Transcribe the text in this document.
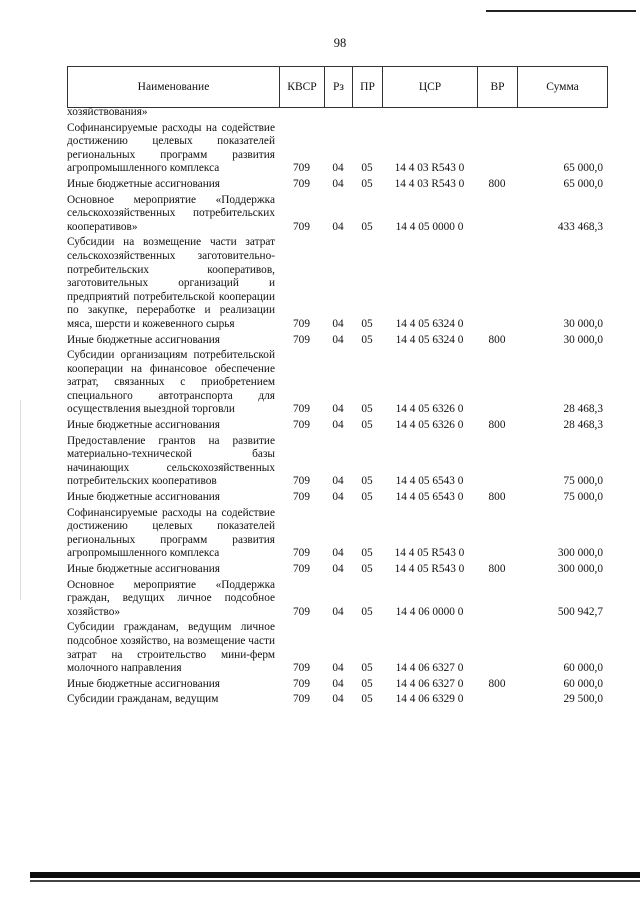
98
Наименование	КВСР	Рз	ПР	ЦСР	ВР	Сумма
хозяйствования»						

Софинансируемые расходы на содействие достижению целевых показателей региональных программ развития агропромышленного комплекса	709	04	05	14 4 03 R543 0		65 000,0

Иные бюджетные ассигнования	709	04	05	14 4 03 R543 0	800	65 000,0

Основное мероприятие «Поддержка сельскохозяйственных потребительских кооперативов»	709	04	05	14 4 05 0000 0		433 468,3

Субсидии на возмещение части затрат сельскохозяйственных заготовительно-потребительских кооперативов, заготовительных организаций и предприятий потребительской кооперации по закупке, переработке и реализации мяса, шерсти и кожевенного сырья	709	04	05	14 4 05 6324 0		30 000,0

Иные бюджетные ассигнования	709	04	05	14 4 05 6324 0	800	30 000,0

Субсидии организациям потребительской кооперации на финансовое обеспечение затрат, связанных с приобретением специального автотранспорта для осуществления выездной торговли	709	04	05	14 4 05 6326 0		28 468,3

Иные бюджетные ассигнования	709	04	05	14 4 05 6326 0	800	28 468,3

Предоставление грантов на развитие материально-технической базы начинающих сельскохозяйственных потребительских кооперативов	709	04	05	14 4 05 6543 0		75 000,0

Иные бюджетные ассигнования	709	04	05	14 4 05 6543 0	800	75 000,0

Софинансируемые расходы на содействие достижению целевых показателей региональных программ развития агропромышленного комплекса	709	04	05	14 4 05 R543 0		300 000,0

Иные бюджетные ассигнования	709	04	05	14 4 05 R543 0	800	300 000,0

Основное мероприятие «Поддержка граждан, ведущих личное подсобное хозяйство»	709	04	05	14 4 06 0000 0		500 942,7

Субсидии гражданам, ведущим личное подсобное хозяйство, на возмещение части затрат на строительство мини-ферм молочного направления	709	04	05	14 4 06 6327 0		60 000,0

Иные бюджетные ассигнования	709	04	05	14 4 06 6327 0	800	60 000,0

Субсидии гражданам, ведущим	709	04	05	14 4 06 6329 0		29 500,0
